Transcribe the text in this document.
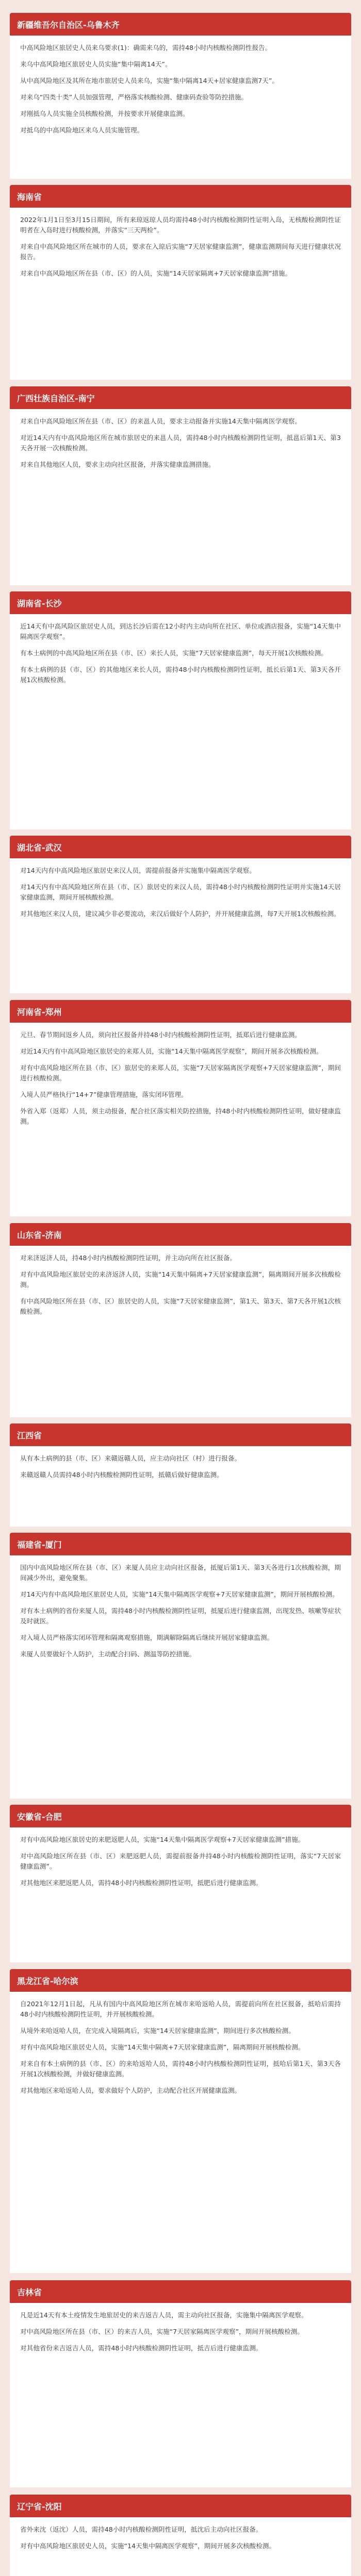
新疆维吾尔自治区-乌鲁木齐

中高风险地区旅居史人员来乌要求(1)：确需来乌的，需持48小时内核酸检测阴性报告。

来乌中高风险地区旅居史人员实施“集中隔离14天”。

从中高风险地区及其所在地市旅居史人员来乌，实施“集中隔离14天+居家健康监测7天”。

对来乌“四类十类”人员加强管理，严格落实核酸检测、健康码查验等防控措施。

对刚抵乌人员实施全员核酸检测，并按要求开展健康监测。

对抵乌的中高风险地区来乌人员实施管理。

海南省

2022年1月1日至3月15日期间，所有来琼返琼人员均需持48小时内核酸检测阴性证明入岛，无核酸检测阴性证明者在入岛时进行核酸检测，并落实“三天两检”。

对来自中高风险地区所在城市的人员，要求在入琼后实施“7天居家健康监测”，健康监测期间每天进行健康状况报告。

对来自中高风险地区所在县（市、区）的人员，实施“14天居家隔离+7天居家健康监测”措施。

广西壮族自治区-南宁

对来自中高风险地区所在县（市、区）的来邕人员，要求主动报备并实施14天集中隔离医学观察。

对近14天内有中高风险地区所在城市旅居史的来邕人员，需持48小时内核酸检测阴性证明，抵邕后第1天、第3天各开展一次核酸检测。

对来自其他地区人员，要求主动向社区报备，并落实健康监测措施。

湖南省-长沙

近14天有中高风险区旅居史人员，到达长沙后需在12小时内主动向所在社区、单位或酒店报备，实施“14天集中隔离医学观察”。

有本土病例的中高风险地区所在县（市、区）来长人员，实施“7天居家健康监测”，每天开展1次核酸检测。

有本土病例的县（市、区）的其他地区来长人员，需持48小时内核酸检测阴性证明，抵长后第1天、第3天各开展1次核酸检测。

湖北省-武汉

对14天内有中高风险地区旅居史来汉人员，需提前报备并实施集中隔离医学观察。

对14天内有中高风险地区所在县（市、区）旅居史的来汉人员，需持48小时内核酸检测阴性证明并实施14天居家健康监测，期间开展核酸检测。

对其他地区来汉人员，建议减少非必要流动，来汉后做好个人防护，并开展健康监测，每7天开展1次核酸检测。

河南省-郑州

元旦、春节期间返乡人员，须向社区报备并持48小时内核酸检测阴性证明，抵郑后进行健康监测。

对近14天内有中高风险地区旅居史的来郑人员，实施“14天集中隔离医学观察”，期间开展多次核酸检测。

对有中高风险地区所在县（市、区）旅居史的来郑人员，实施“7天居家隔离医学观察+7天居家健康监测”，期间进行核酸检测。

入境人员严格执行“14+7”健康管理措施，落实闭环管理。

外省入郑（返郑）人员，须主动报备，配合社区落实相关防控措施，持48小时内核酸检测阴性证明，做好健康监测。

山东省-济南

对来济返济人员，持48小时内核酸检测阴性证明，并主动向所在社区报备。

对有中高风险地区旅居史的来济返济人员，实施“14天集中隔离+7天居家健康监测”，隔离期间开展多次核酸检测。

有中高风险地区所在县（市、区）旅居史的人员，实施“7天居家健康监测”，第1天、第3天、第7天各开展1次核酸检测。

江西省

从有本土病例的县（市、区）来赣返赣人员，应主动向社区（村）进行报备。

来赣返赣人员需持48小时内核酸检测阴性证明，抵赣后做好健康监测。

福建省-厦门

国内中高风险地区所在县（市、区）来厦人员应主动向社区报备，抵厦后第1天、第3天各进行1次核酸检测，期间减少外出，避免聚集。

对14天内有中高风险地区旅居史人员，实施“14天集中隔离医学观察+7天居家健康监测”，期间开展核酸检测。

对有本土病例的省份来厦人员，需持48小时内核酸检测阴性证明，抵厦后进行健康监测，出现发热、咳嗽等症状及时就医。

对入境人员严格落实闭环管理和隔离观察措施，期满解除隔离后继续开展居家健康监测。

来厦人员要做好个人防护，主动配合扫码、测温等防控措施。

安徽省-合肥

对有中高风险地区旅居史的来肥返肥人员，实施“14天集中隔离医学观察+7天居家健康监测”措施。

对中高风险地区所在县（市、区）来肥返肥人员，需提前报备并持48小时内核酸检测阴性证明，落实“7天居家健康监测”。

对其他地区来肥返肥人员，需持48小时内核酸检测阴性证明，抵肥后进行健康监测。

黑龙江省-哈尔滨

自2021年12月1日起，凡从有国内中高风险地区所在城市来哈返哈人员，需提前向所在社区报备，抵哈后需持48小时内核酸检测阴性证明，并开展核酸检测。

从境外来哈返哈人员，在完成入境隔离后，实施“14天居家健康监测”，期间进行多次核酸检测。

对有中高风险地区旅居史人员，实施“14天集中隔离+7天居家健康监测”，隔离期间开展核酸检测。

对来自有本土病例的县（市、区）的来哈返哈人员，需持48小时内核酸检测阴性证明，抵哈后第1天、第3天各开展1次核酸检测，并做好健康监测。

对其他地区来哈返哈人员，要求做好个人防护，主动配合社区开展健康监测。

吉林省

凡是近14天有本土疫情发生地旅居史的来吉返吉人员，需主动向社区报备，实施集中隔离医学观察。

对中高风险地区所在县（市、区）的来吉人员，实施“7天居家隔离医学观察”，期间开展核酸检测。

对其他省份来吉返吉人员，需持48小时内核酸检测阴性证明，抵吉后进行健康监测。

辽宁省-沈阳

省外来沈（返沈）人员，需持48小时内核酸检测阴性证明，抵沈后主动向社区报备。

对有中高风险地区旅居史人员，实施“14天集中隔离医学观察”，期间开展多次核酸检测。
